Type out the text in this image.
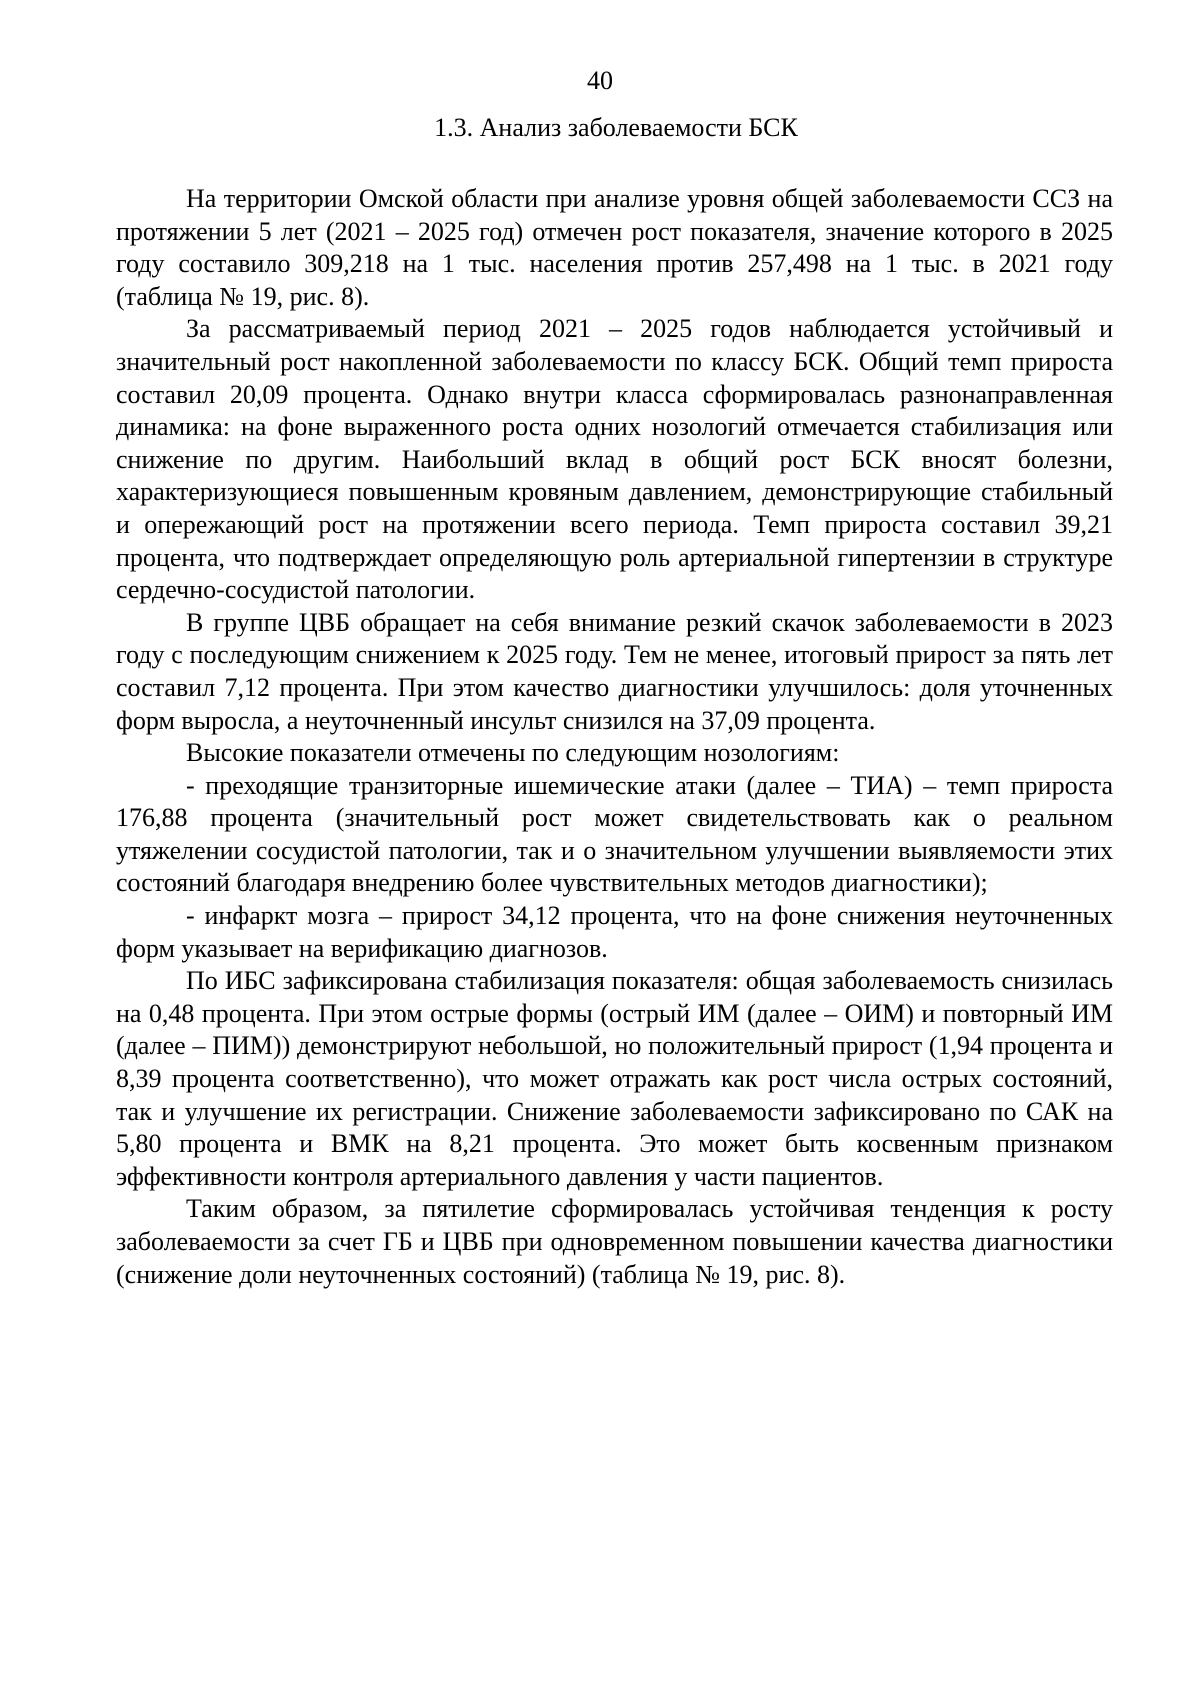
40
1.3. Анализ заболеваемости БСК

На территории Омской области при анализе уровня общей заболеваемости ССЗ на протяжении 5 лет (2021 – 2025 год) отмечен рост показателя, значение которого в 2025 году составило 309,218 на 1 тыс. населения против 257,498 на 1 тыс. в 2021 году (таблица № 19, рис. 8).

За рассматриваемый период 2021 – 2025 годов наблюдается устойчивый и значительный рост накопленной заболеваемости по классу БСК. Общий темп прироста составил 20,09 процента. Однако внутри класса сформировалась разнонаправленная динамика: на фоне выраженного роста одних нозологий отмечается стабилизация или снижение по другим. Наибольший вклад в общий рост БСК вносят болезни, характеризующиеся повышенным кровяным давлением, демонстрирующие стабильный и опережающий рост на протяжении всего периода. Темп прироста составил 39,21 процента, что подтверждает определяющую роль артериальной гипертензии в структуре сердечно-сосудистой патологии.

В группе ЦВБ обращает на себя внимание резкий скачок заболеваемости в 2023 году с последующим снижением к 2025 году. Тем не менее, итоговый прирост за пять лет составил 7,12 процента. При этом качество диагностики улучшилось: доля уточненных форм выросла, а неуточненный инсульт снизился на 37,09 процента.

Высокие показатели отмечены по следующим нозологиям:

- преходящие транзиторные ишемические атаки (далее – ТИА) – темп прироста 176,88 процента (значительный рост может свидетельствовать как о реальном утяжелении сосудистой патологии, так и о значительном улучшении выявляемости этих состояний благодаря внедрению более чувствительных методов диагностики);

- инфаркт мозга – прирост 34,12 процента, что на фоне снижения неуточненных форм указывает на верификацию диагнозов.

По ИБС зафиксирована стабилизация показателя: общая заболеваемость снизилась на 0,48 процента. При этом острые формы (острый ИМ (далее – ОИМ) и повторный ИМ (далее – ПИМ)) демонстрируют небольшой, но положительный прирост (1,94 процента и 8,39 процента соответственно), что может отражать как рост числа острых состояний, так и улучшение их регистрации. Снижение заболеваемости зафиксировано по САК на 5,80 процента и ВМК на 8,21 процента. Это может быть косвенным признаком эффективности контроля артериального давления у части пациентов.

Таким образом, за пятилетие сформировалась устойчивая тенденция к росту заболеваемости за счет ГБ и ЦВБ при одновременном повышении качества диагностики (снижение доли неуточненных состояний) (таблица № 19, рис. 8).
